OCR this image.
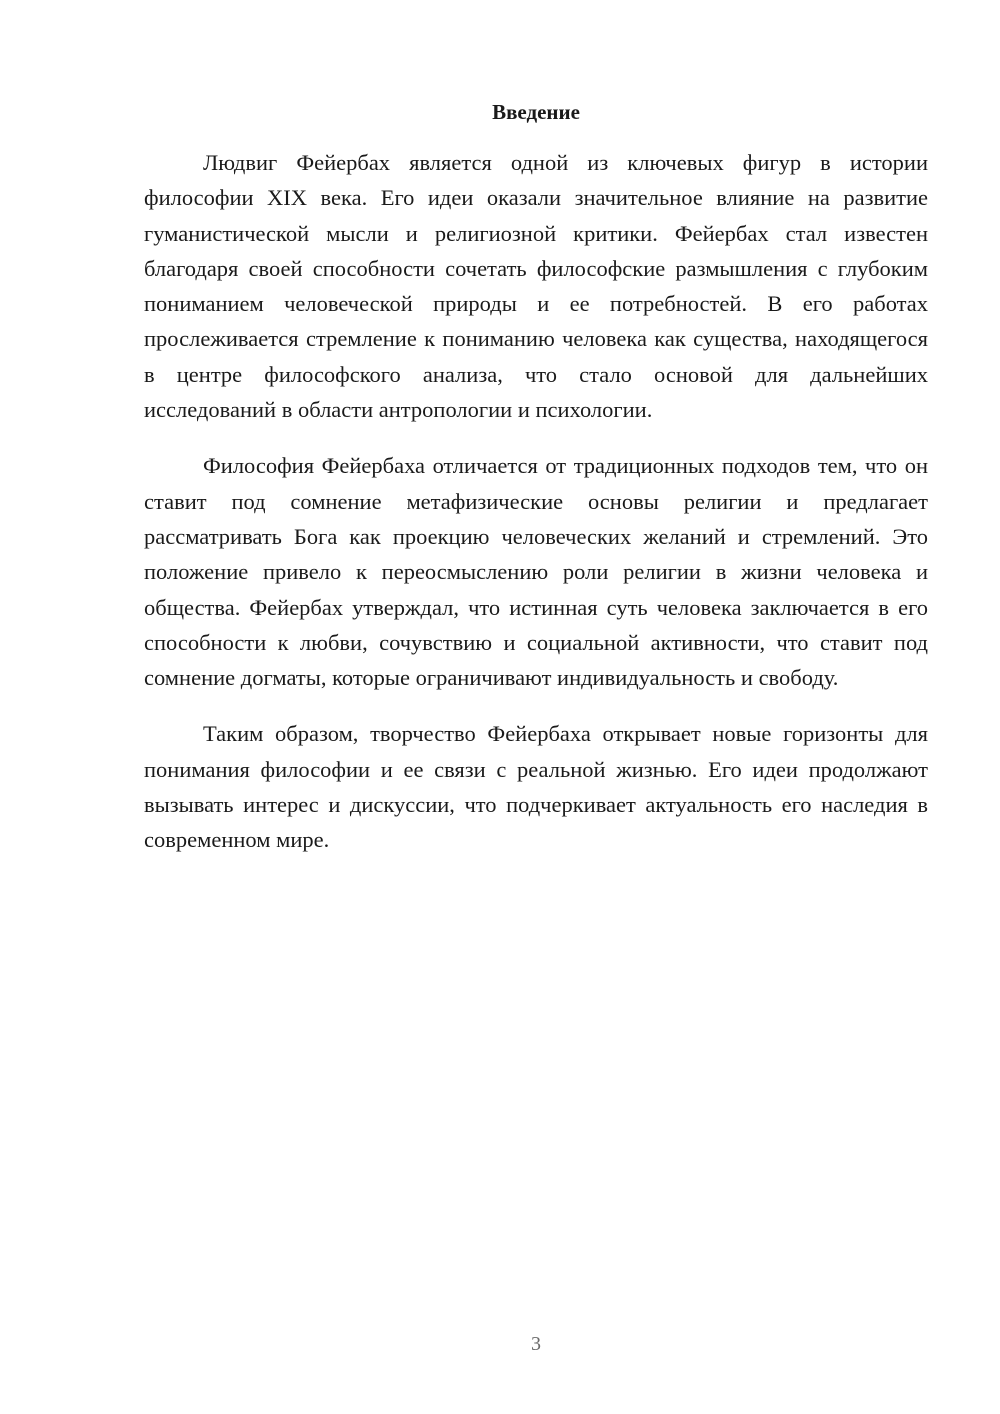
Введение

Людвиг Фейербах является одной из ключевых фигур в истории философии XIX века. Его идеи оказали значительное влияние на развитие гуманистической мысли и религиозной критики. Фейербах стал известен благодаря своей способности сочетать философские размышления с глубоким пониманием человеческой природы и ее потребностей. В его работах прослеживается стремление к пониманию человека как существа, находящегося в центре философского анализа, что стало основой для дальнейших исследований в области антропологии и психологии.

Философия Фейербаха отличается от традиционных подходов тем, что он ставит под сомнение метафизические основы религии и предлагает рассматривать Бога как проекцию человеческих желаний и стремлений. Это положение привело к переосмыслению роли религии в жизни человека и общества. Фейербах утверждал, что истинная суть человека заключается в его способности к любви, сочувствию и социальной активности, что ставит под сомнение догматы, которые ограничивают индивидуальность и свободу.

Таким образом, творчество Фейербаха открывает новые горизонты для понимания философии и ее связи с реальной жизнью. Его идеи продолжают вызывать интерес и дискуссии, что подчеркивает актуальность его наследия в современном мире.

3
